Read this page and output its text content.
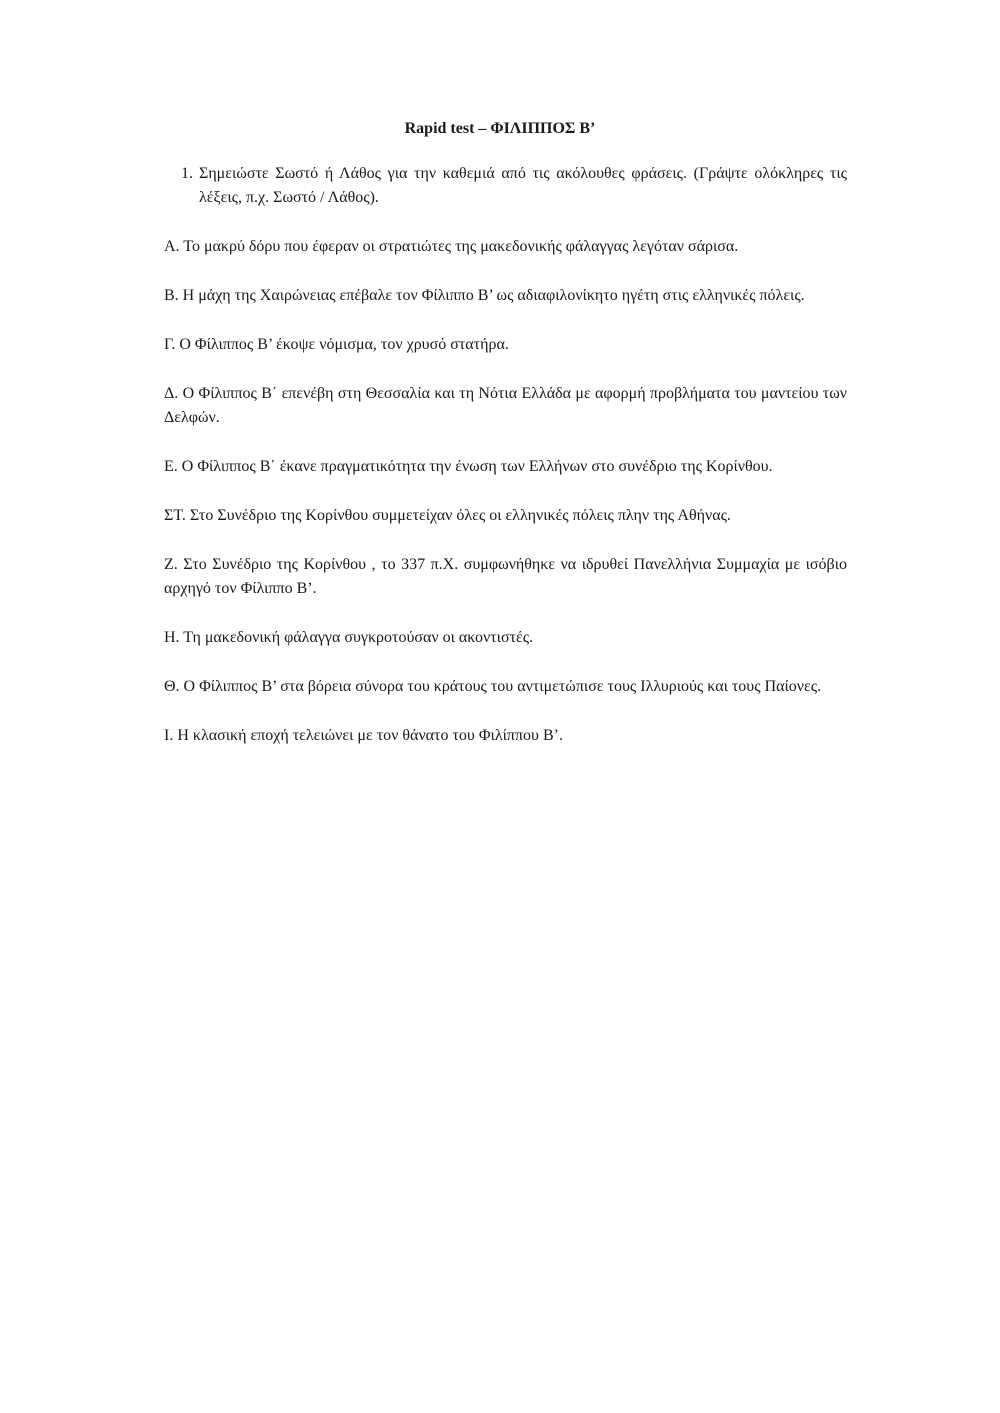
Rapid test – ΦΙΛΙΠΠΟΣ Β’
1. Σημειώστε Σωστό ή Λάθος για την καθεμιά από τις ακόλουθες φράσεις. (Γράψτε ολόκληρες τις λέξεις, π.χ. Σωστό / Λάθος).
Α. Το μακρύ δόρυ που έφεραν οι στρατιώτες της μακεδονικής φάλαγγας λεγόταν σάρισα.
Β. Η μάχη της Χαιρώνειας επέβαλε τον Φίλιππο Β’ ως αδιαφιλονίκητο ηγέτη στις ελληνικές πόλεις.
Γ. Ο Φίλιππος Β’ έκοψε νόμισμα, τον χρυσό στατήρα.
Δ. Ο Φίλιππος Β΄ επενέβη στη Θεσσαλία και τη Νότια Ελλάδα με αφορμή προβλήματα του μαντείου των Δελφών.
Ε. Ο Φίλιππος Β΄ έκανε πραγματικότητα την ένωση των Ελλήνων στο συνέδριο της Κορίνθου.
ΣΤ. Στο Συνέδριο της Κορίνθου συμμετείχαν όλες οι ελληνικές πόλεις πλην της Αθήνας.
Ζ. Στο Συνέδριο της Κορίνθου , το 337 π.Χ. συμφωνήθηκε να ιδρυθεί Πανελλήνια Συμμαχία με ισόβιο αρχηγό τον Φίλιππο Β’.
Η. Τη μακεδονική φάλαγγα συγκροτούσαν οι ακοντιστές.
Θ. Ο Φίλιππος Β’ στα βόρεια σύνορα του κράτους του αντιμετώπισε τους Ιλλυριούς και τους Παίονες.
Ι. Η κλασική εποχή τελειώνει με τον θάνατο του Φιλίππου Β’.
